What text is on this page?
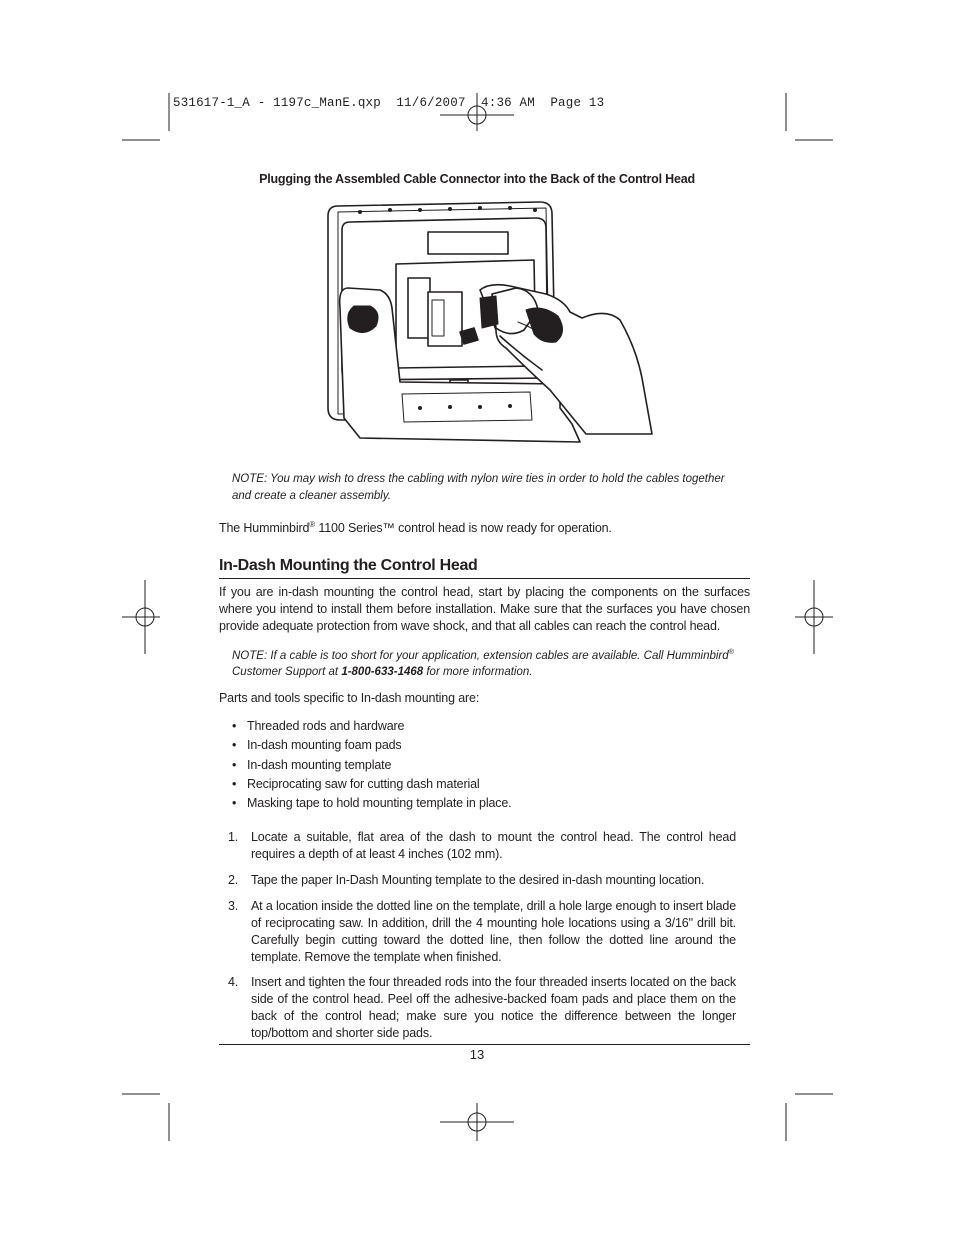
531617-1_A - 1197c_ManE.qxp  11/6/2007  4:36 AM  Page 13
Plugging the Assembled Cable Connector into the Back of the Control Head
NOTE: You may wish to dress the cabling with nylon wire ties in order to hold the cables together and create a cleaner assembly.
The Humminbird® 1100 Series™ control head is now ready for operation.
In-Dash Mounting the Control Head
If you are in-dash mounting the control head, start by placing the components on the surfaces where you intend to install them before installation. Make sure that the surfaces you have chosen provide adequate protection from wave shock, and that all cables can reach the control head.
NOTE: If a cable is too short for your application, extension cables are available. Call Humminbird® Customer Support at 1-800-633-1468 for more information.
Parts and tools specific to In-dash mounting are:
• Threaded rods and hardware
• In-dash mounting foam pads
• In-dash mounting template
• Reciprocating saw for cutting dash material
• Masking tape to hold mounting template in place.
1. Locate a suitable, flat area of the dash to mount the control head. The control head requires a depth of at least 4 inches (102 mm).
2. Tape the paper In-Dash Mounting template to the desired in-dash mounting location.
3. At a location inside the dotted line on the template, drill a hole large enough to insert blade of reciprocating saw. In addition, drill the 4 mounting hole locations using a 3/16" drill bit. Carefully begin cutting toward the dotted line, then follow the dotted line around the template. Remove the template when finished.
4. Insert and tighten the four threaded rods into the four threaded inserts located on the back side of the control head. Peel off the adhesive-backed foam pads and place them on the back of the control head; make sure you notice the difference between the longer top/bottom and shorter side pads.
13
